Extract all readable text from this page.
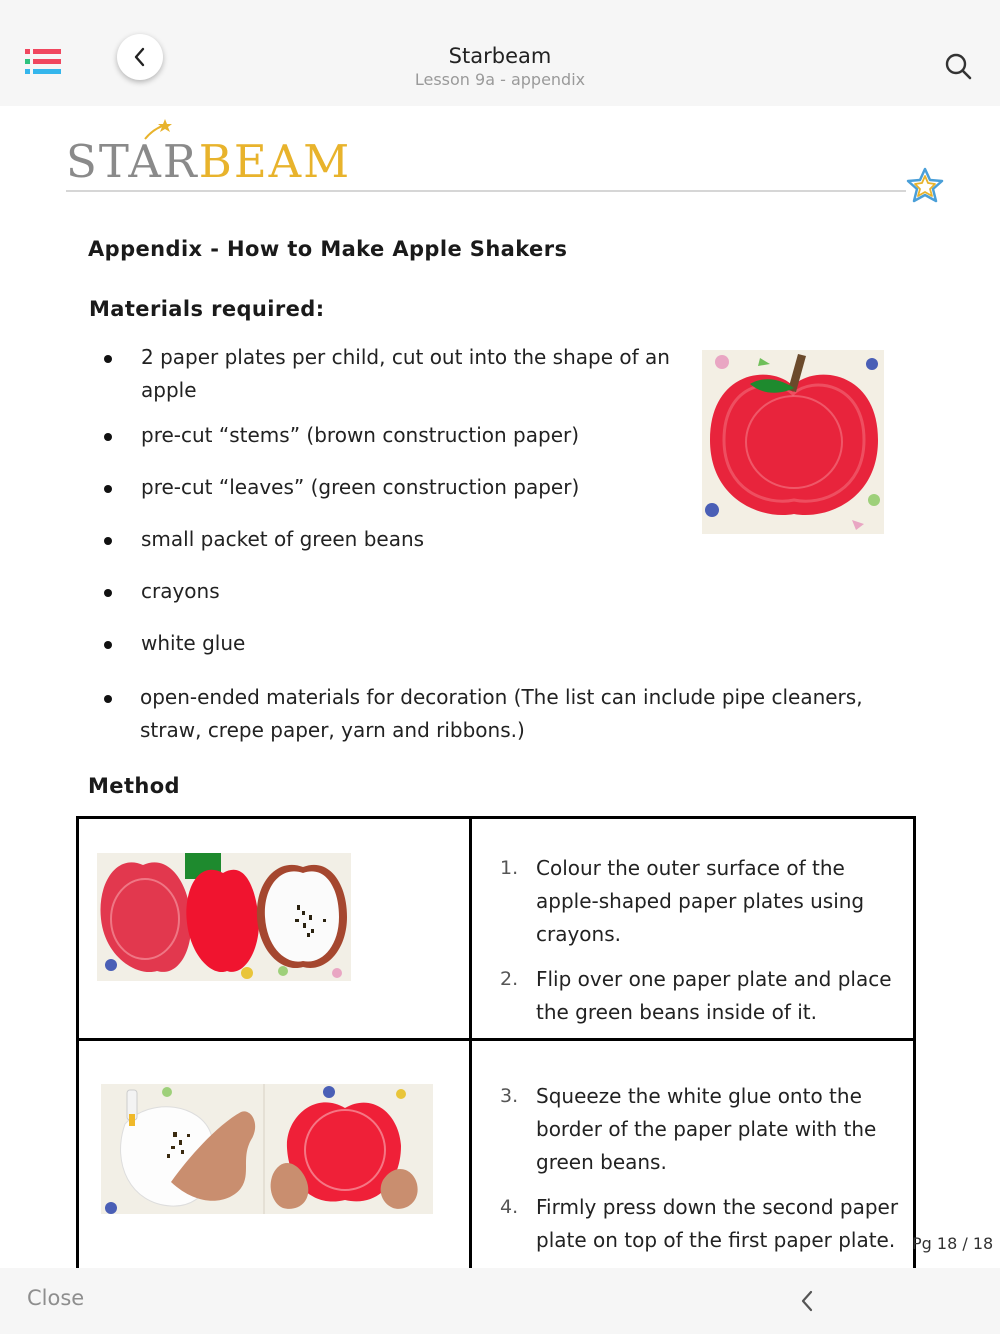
Starbeam
Lesson 9a - appendix
STARBEAM
Appendix - How to Make Apple Shakers
Materials required:
2 paper plates per child, cut out into the shape of an apple
pre-cut “stems” (brown construction paper)
pre-cut “leaves” (green construction paper)
small packet of green beans
crayons
white glue
open-ended materials for decoration (The list can include pipe cleaners, straw, crepe paper, yarn and ribbons.)
Method
1. Colour the outer surface of the apple-shaped paper plates using crayons.
2. Flip over one paper plate and place the green beans inside of it.
3. Squeeze the white glue onto the border of the paper plate with the green beans.
4. Firmly press down the second paper plate on top of the first paper plate.	Pg 18 / 18
Close
